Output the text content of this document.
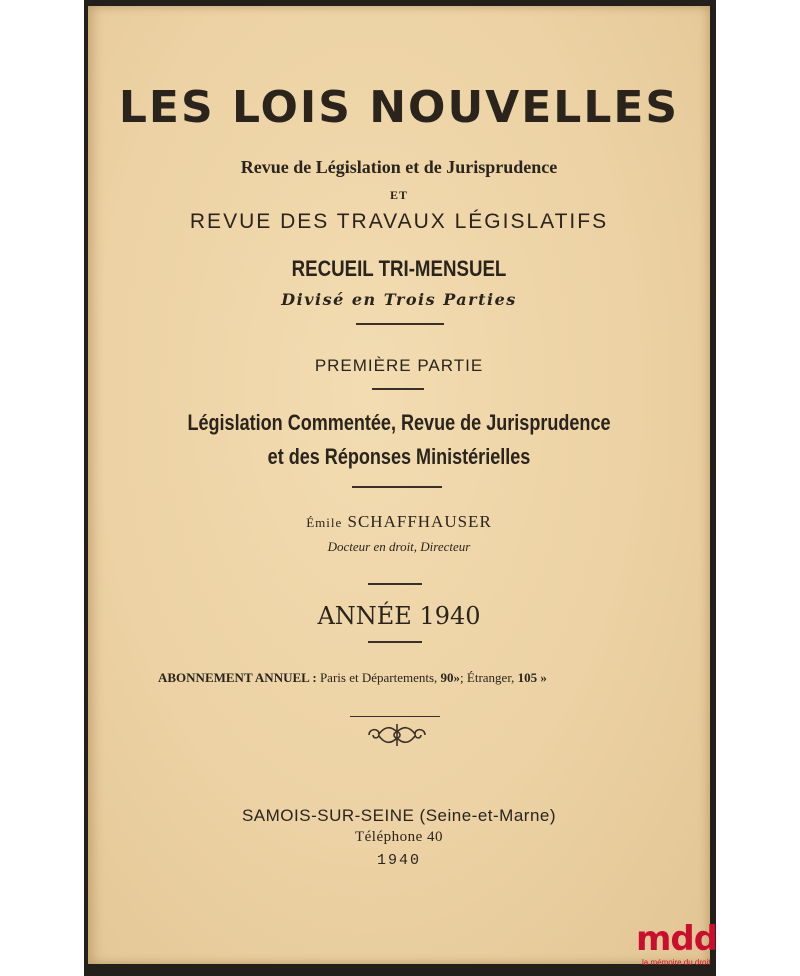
LES LOIS NOUVELLES
Revue de Législation et de Jurisprudence
ET
REVUE DES TRAVAUX LÉGISLATIFS
RECUEIL TRI-MENSUEL
Divisé en Trois Parties
PREMIÈRE PARTIE
Législation Commentée, Revue de Jurisprudence
et des Réponses Ministérielles
Émile SCHAFFHAUSER
Docteur en droit, Directeur
ANNÉE 1940
ABONNEMENT ANNUEL : Paris et Départements, 90»; Étranger, 105 »
SAMOIS-SUR-SEINE (Seine-et-Marne)
Téléphone 40
1940
mdd
la mémoire du droit
